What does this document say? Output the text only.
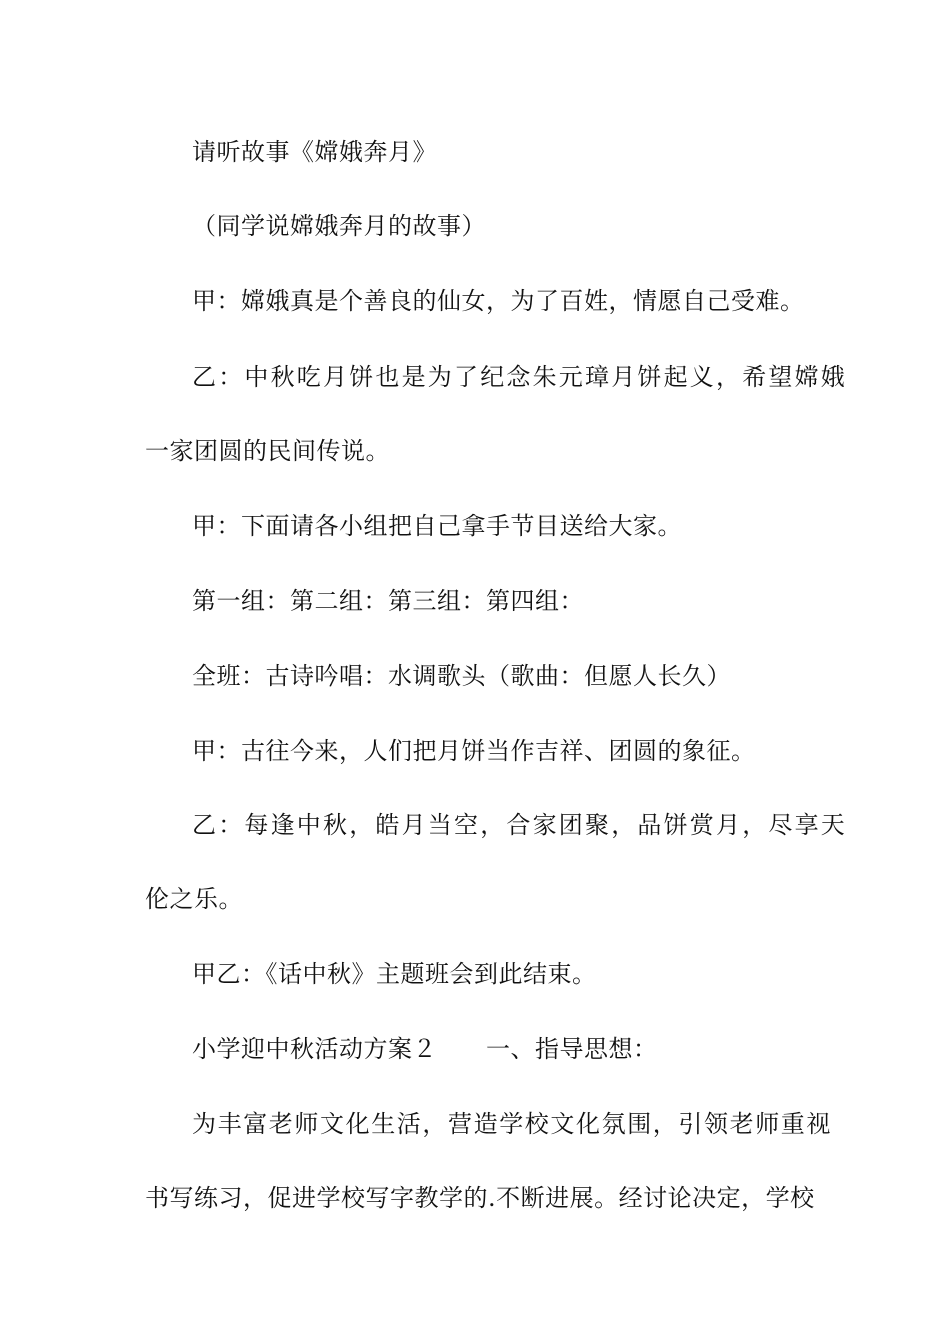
请听故事《嫦娥奔月》
（同学说嫦娥奔月的故事）
甲：嫦娥真是个善良的仙女，为了百姓，情愿自己受难。
乙：中秋吃月饼也是为了纪念朱元璋月饼起义，希望嫦娥
一家团圆的民间传说。
甲：下面请各小组把自己拿手节目送给大家。
第一组：第二组：第三组：第四组：
全班：古诗吟唱：水调歌头（歌曲：但愿人长久）
甲：古往今来，人们把月饼当作吉祥、团圆的象征。
乙：每逢中秋，皓月当空，合家团聚，品饼赏月，尽享天
伦之乐。
甲乙：《话中秋》主题班会到此结束。
小学迎中秋活动方案２　　一、指导思想：
为丰富老师文化生活，营造学校文化氛围，引领老师重视
书写练习，促进学校写字教学的.不断进展。经讨论决定，学校
